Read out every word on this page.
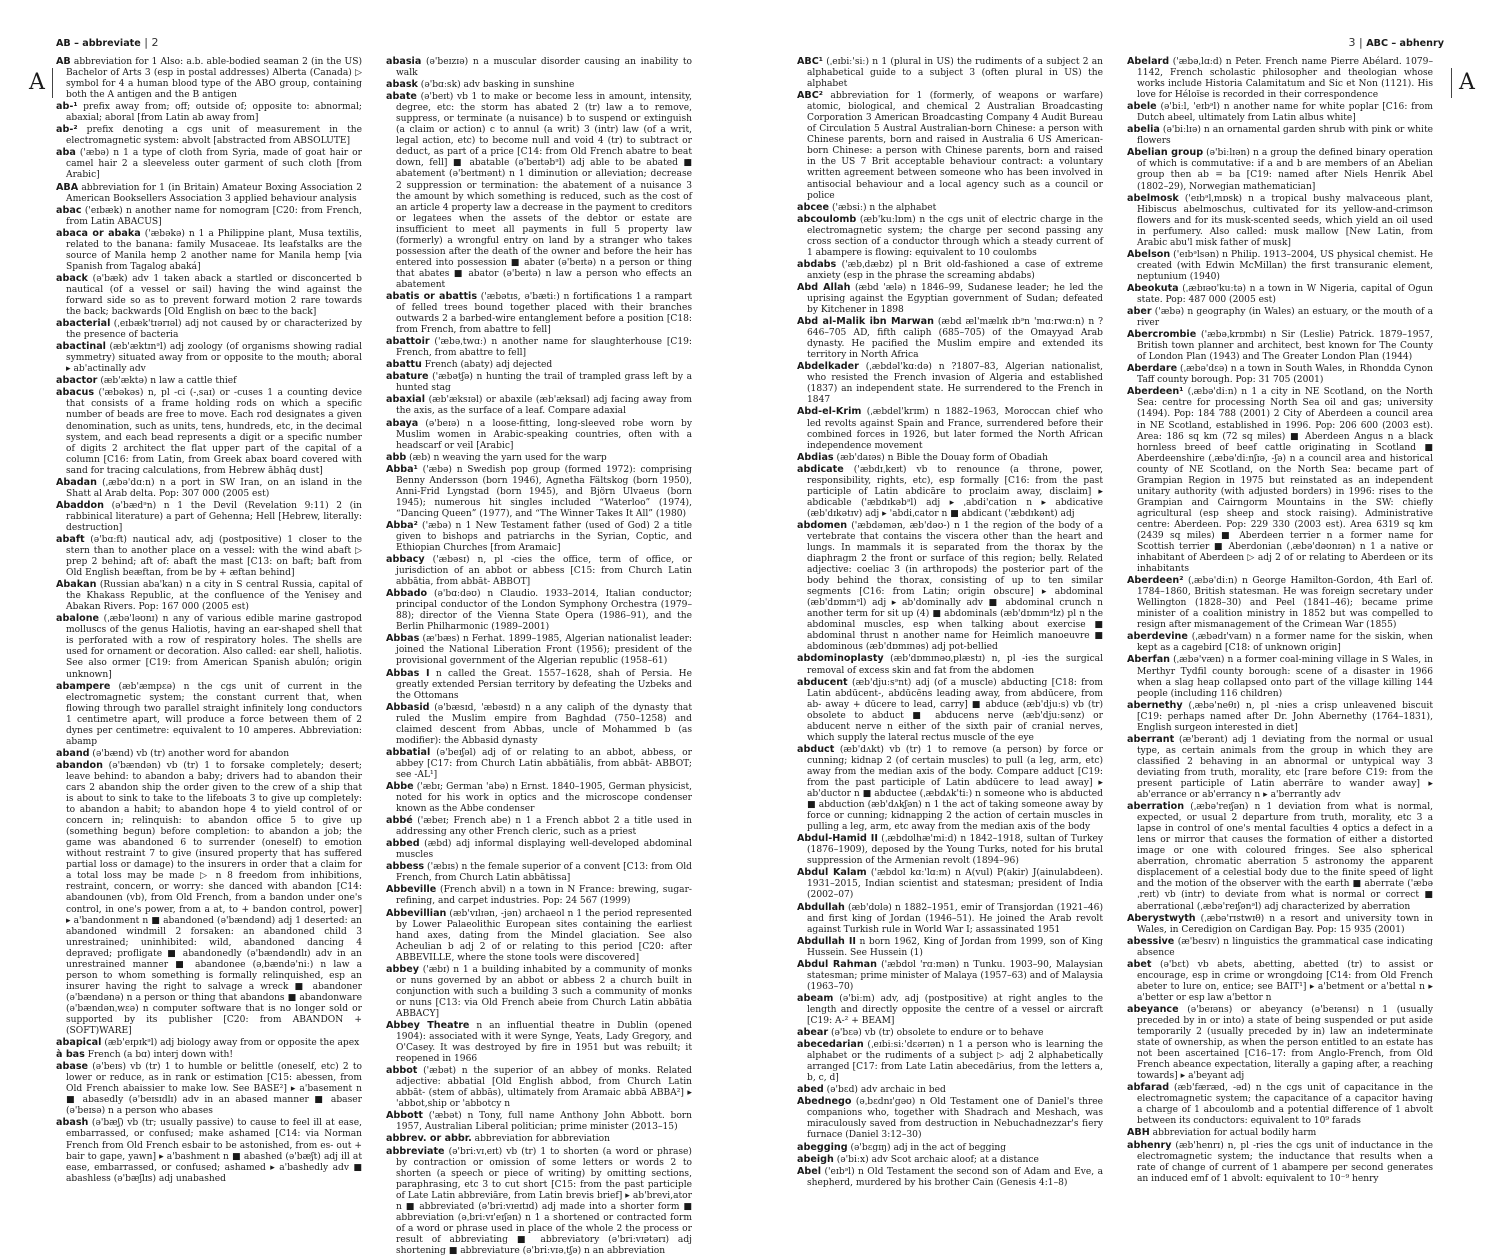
AB – abbreviate | 2
A

AB abbreviation for 1 Also: a.b. able-bodied seaman 2 (in the US) Bachelor of Arts 3 (esp in postal addresses) Alberta (Canada) ▷ symbol for 4 a human blood type of the ABO group, containing both the A antigen and the B antigen

ab-¹ prefix away from; off; outside of; opposite to: abnormal; abaxial; aboral [from Latin ab away from]

ab-² prefix denoting a cgs unit of measurement in the electromagnetic system: abvolt [abstracted from ABSOLUTE]

aba ('æbə) n 1 a type of cloth from Syria, made of goat hair or camel hair 2 a sleeveless outer garment of such cloth [from Arabic]

ABA abbreviation for 1 (in Britain) Amateur Boxing Association 2 American Booksellers Association 3 applied behaviour analysis

abac ('eɪbæk) n another name for nomogram [C20: from French, from Latin ABACUS]

abaca or abaka ('æbəkə) n 1 a Philippine plant, Musa textilis, related to the banana: family Musaceae. Its leafstalks are the source of Manila hemp 2 another name for Manila hemp [via Spanish from Tagalog abaká]

aback (ə'bæk) adv 1 taken aback a startled or disconcerted b nautical (of a vessel or sail) having the wind against the forward side so as to prevent forward motion 2 rare towards the back; backwards [Old English on bæc to the back]

abacterial (ˌeɪbæk'tɪərɪəl) adj not caused by or characterized by the presence of bacteria

abactinal (æb'æktɪnᵊl) adj zoology (of organisms showing radial symmetry) situated away from or opposite to the mouth; aboral ▸ ab'actinally adv

abactor (æb'æktə) n law a cattle thief

abacus ('æbəkəs) n, pl -ci (-ˌsaɪ) or -cuses 1 a counting device that consists of a frame holding rods on which a specific number of beads are free to move. Each rod designates a given denomination, such as units, tens, hundreds, etc, in the decimal system, and each bead represents a digit or a specific number of digits 2 architect the flat upper part of the capital of a column [C16: from Latin, from Greek abax board covered with sand for tracing calculations, from Hebrew ābhāq dust]

Abadan (ˌæbə'dɑːn) n a port in SW Iran, on an island in the Shatt al Arab delta. Pop: 307 000 (2005 est)

Abaddon (ə'bædᵊn) n 1 the Devil (Revelation 9:11) 2 (in rabbinical literature) a part of Gehenna; Hell [Hebrew, literally: destruction]

abaft (ə'bɑːft) nautical adv, adj (postpositive) 1 closer to the stern than to another place on a vessel: with the wind abaft ▷ prep 2 behind; aft of: abaft the mast [C13: on baft; baft from Old English beæftan, from be by + æftan behind]

Abakan (Russian aba'kan) n a city in S central Russia, capital of the Khakass Republic, at the confluence of the Yenisey and Abakan Rivers. Pop: 167 000 (2005 est)

abalone (ˌæbə'ləʊnɪ) n any of various edible marine gastropod molluscs of the genus Haliotis, having an ear-shaped shell that is perforated with a row of respiratory holes. The shells are used for ornament or decoration. Also called: ear shell, haliotis. See also ormer [C19: from American Spanish abulón; origin unknown]

abampere (æb'æmpɛə) n the cgs unit of current in the electromagnetic system; the constant current that, when flowing through two parallel straight infinitely long conductors 1 centimetre apart, will produce a force between them of 2 dynes per centimetre: equivalent to 10 amperes. Abbreviation: abamp

aband (ə'bænd) vb (tr) another word for abandon

abandon (ə'bændən) vb (tr) 1 to forsake completely; desert; leave behind: to abandon a baby; drivers had to abandon their cars 2 abandon ship the order given to the crew of a ship that is about to sink to take to the lifeboats 3 to give up completely: to abandon a habit; to abandon hope 4 to yield control of or concern in; relinquish: to abandon office 5 to give up (something begun) before completion: to abandon a job; the game was abandoned 6 to surrender (oneself) to emotion without restraint 7 to give (insured property that has suffered partial loss or damage) to the insurers in order that a claim for a total loss may be made ▷ n 8 freedom from inhibitions, restraint, concern, or worry: she danced with abandon [C14: abandounen (vb), from Old French, from a bandon under one's control, in one's power, from a at, to + bandon control, power] ▸ a'bandonment n ■ abandoned (ə'bændənd) adj 1 deserted: an abandoned windmill 2 forsaken: an abandoned child 3 unrestrained; uninhibited: wild, abandoned dancing 4 depraved; profligate ■ abandonedly (ə'bændəndlɪ) adv in an unrestrained manner ■ abandonee (əˌbændə'niː) n law a person to whom something is formally relinquished, esp an insurer having the right to salvage a wreck ■ abandoner (ə'bændənə) n a person or thing that abandons ■ abandonware (ə'bændənˌwɛə) n computer software that is no longer sold or supported by its publisher [C20: from ABANDON + (SOFT)WARE]

abapical (æb'eɪpɪkᵊl) adj biology away from or opposite the apex

à bas French (a bɑ) interj down with!

abase (ə'beɪs) vb (tr) 1 to humble or belittle (oneself, etc) 2 to lower or reduce, as in rank or estimation [C15: abessen, from Old French abaissier to make low. See BASE²] ▸ a'basement n ■ abasedly (ə'beɪsɪdlɪ) adv in an abased manner ■ abaser (ə'beɪsə) n a person who abases

abash (ə'bæʃ) vb (tr; usually passive) to cause to feel ill at ease, embarrassed, or confused; make ashamed [C14: via Norman French from Old French esbair to be astonished, from es- out + bair to gape, yawn] ▸ a'bashment n ■ abashed (ə'bæʃt) adj ill at ease, embarrassed, or confused; ashamed ▸ a'bashedly adv ■ abashless (ə'bæʃlɪs) adj unabashed

abasia (ə'beɪzɪə) n a muscular disorder causing an inability to walk

abask (ə'bɑːsk) adv basking in sunshine

abate (ə'beɪt) vb 1 to make or become less in amount, intensity, degree, etc: the storm has abated 2 (tr) law a to remove, suppress, or terminate (a nuisance) b to suspend or extinguish (a claim or action) c to annul (a writ) 3 (intr) law (of a writ, legal action, etc) to become null and void 4 (tr) to subtract or deduct, as part of a price [C14: from Old French abatre to beat down, fell] ■ abatable (ə'beɪtəbᵊl) adj able to be abated ■ abatement (ə'beɪtmənt) n 1 diminution or alleviation; decrease 2 suppression or termination: the abatement of a nuisance 3 the amount by which something is reduced, such as the cost of an article 4 property law a decrease in the payment to creditors or legatees when the assets of the debtor or estate are insufficient to meet all payments in full 5 property law (formerly) a wrongful entry on land by a stranger who takes possession after the death of the owner and before the heir has entered into possession ■ abater (ə'beɪtə) n a person or thing that abates ■ abator (ə'beɪtə) n law a person who effects an abatement

abatis or abattis ('æbətɪs, ə'bætiː) n fortifications 1 a rampart of felled trees bound together placed with their branches outwards 2 a barbed-wire entanglement before a position [C18: from French, from abattre to fell]

abattoir ('æbəˌtwɑː) n another name for slaughterhouse [C19: French, from abattre to fell]

abattu French (abaty) adj dejected

abature ('æbətʃə) n hunting the trail of trampled grass left by a hunted stag

abaxial (æb'æksɪəl) or abaxile (æb'æksaɪl) adj facing away from the axis, as the surface of a leaf. Compare adaxial

abaya (ə'beɪə) n a loose-fitting, long-sleeved robe worn by Muslim women in Arabic-speaking countries, often with a headscarf or veil [Arabic]

abb (æb) n weaving the yarn used for the warp

Abba¹ ('æbə) n Swedish pop group (formed 1972): comprising Benny Andersson (born 1946), Agnetha Fältskog (born 1950), Anni-Frid Lyngstad (born 1945), and Björn Ulvaeus (born 1945); numerous hit singles included “Waterloo” (1974), “Dancing Queen” (1977), and “The Winner Takes It All” (1980)

Abba² ('æbə) n 1 New Testament father (used of God) 2 a title given to bishops and patriarchs in the Syrian, Coptic, and Ethiopian Churches [from Aramaic]

abbacy ('æbəsɪ) n, pl -cies the office, term of office, or jurisdiction of an abbot or abbess [C15: from Church Latin abbātia, from abbāt- ABBOT]

Abbado (ə'bɑːdəʊ) n Claudio. 1933–2014, Italian conductor; principal conductor of the London Symphony Orchestra (1979–88); director of the Vienna State Opera (1986–91), and the Berlin Philharmonic (1989–2001)

Abbas (æ'bæs) n Ferhat. 1899–1985, Algerian nationalist leader: joined the National Liberation Front (1956); president of the provisional government of the Algerian republic (1958–61)

Abbas I n called the Great. 1557–1628, shah of Persia. He greatly extended Persian territory by defeating the Uzbeks and the Ottomans

Abbasid (ə'bæsɪd, 'æbəsɪd) n a any caliph of the dynasty that ruled the Muslim empire from Baghdad (750–1258) and claimed descent from Abbas, uncle of Mohammed b (as modifier): the Abbasid dynasty

abbatial (ə'beɪʃəl) adj of or relating to an abbot, abbess, or abbey [C17: from Church Latin abbātiālis, from abbāt- ABBOT; see -AL¹]

Abbe ('æbɪ; German 'abə) n Ernst. 1840–1905, German physicist, noted for his work in optics and the microscope condenser known as the Abbe condenser

abbé ('æbeɪ; French abe) n 1 a French abbot 2 a title used in addressing any other French cleric, such as a priest

abbed (æbd) adj informal displaying well-developed abdominal muscles

abbess ('æbɪs) n the female superior of a convent [C13: from Old French, from Church Latin abbātissa]

Abbeville (French abvil) n a town in N France: brewing, sugar-refining, and carpet industries. Pop: 24 567 (1999)

Abbevillian (æb'vɪlɪən, -jən) archaeol n 1 the period represented by Lower Palaeolithic European sites containing the earliest hand axes, dating from the Mindel glaciation. See also Acheulian b adj 2 of or relating to this period [C20: after ABBEVILLE, where the stone tools were discovered]

abbey ('æbɪ) n 1 a building inhabited by a community of monks or nuns governed by an abbot or abbess 2 a church built in conjunction with such a building 3 such a community of monks or nuns [C13: via Old French abeie from Church Latin abbātia ABBACY]

Abbey Theatre n an influential theatre in Dublin (opened 1904): associated with it were Synge, Yeats, Lady Gregory, and O'Casey. It was destroyed by fire in 1951 but was rebuilt; it reopened in 1966

abbot ('æbət) n the superior of an abbey of monks. Related adjective: abbatial [Old English abbod, from Church Latin abbāt- (stem of abbās), ultimately from Aramaic abbā ABBA²] ▸ 'abbot,ship or 'abbotcy n

Abbott ('æbət) n Tony, full name Anthony John Abbott. born 1957, Australian Liberal politician; prime minister (2013–15)

abbrev. or abbr. abbreviation for abbreviation

abbreviate (ə'briːvɪˌeɪt) vb (tr) 1 to shorten (a word or phrase) by contraction or omission of some letters or words 2 to shorten (a speech or piece of writing) by omitting sections, paraphrasing, etc 3 to cut short [C15: from the past participle of Late Latin abbreviāre, from Latin brevis brief] ▸ ab'brevi,ator n ■ abbreviated (ə'briːvɪeɪtɪd) adj made into a shorter form ■ abbreviation (əˌbriːvɪ'eɪʃən) n 1 a shortened or contracted form of a word or phrase used in place of the whole 2 the process or result of abbreviating ■ abbreviatory (ə'briːvɪətərɪ) adj shortening ■ abbreviature (ə'briːvɪəˌtʃə) n an abbreviation

3 | ABC – abhenry
A

ABC¹ (ˌeɪbiː'siː) n 1 (plural in US) the rudiments of a subject 2 an alphabetical guide to a subject 3 (often plural in US) the alphabet

ABC² abbreviation for 1 (formerly, of weapons or warfare) atomic, biological, and chemical 2 Australian Broadcasting Corporation 3 American Broadcasting Company 4 Audit Bureau of Circulation 5 Austral Australian-born Chinese: a person with Chinese parents, born and raised in Australia 6 US American-born Chinese: a person with Chinese parents, born and raised in the US 7 Brit acceptable behaviour contract: a voluntary written agreement between someone who has been involved in antisocial behaviour and a local agency such as a council or police

abcee ('æbsiː) n the alphabet

abcoulomb (æb'kuːlɒm) n the cgs unit of electric charge in the electromagnetic system; the charge per second passing any cross section of a conductor through which a steady current of 1 abampere is flowing: equivalent to 10 coulombs

abdabs ('æbˌdæbz) pl n Brit old-fashioned a case of extreme anxiety (esp in the phrase the screaming abdabs)

Abd Allah (æbd 'ælə) n 1846–99, Sudanese leader; he led the uprising against the Egyptian government of Sudan; defeated by Kitchener in 1898

Abd al-Malik ibn Marwan (æbd æl'mælɪk ɪbᵊn 'mɑːrwɑːn) n ?646–705 AD, fifth caliph (685–705) of the Omayyad Arab dynasty. He pacified the Muslim empire and extended its territory in North Africa

Abdelkader (ˌæbdəl'kɑːdə) n ?1807–83, Algerian nationalist, who resisted the French invasion of Algeria and established (1837) an independent state. He surrendered to the French in 1847

Abd-el-Krim (ˌæbdel'krɪm) n 1882–1963, Moroccan chief who led revolts against Spain and France, surrendered before their combined forces in 1926, but later formed the North African independence movement

Abdias (æb'daɪəs) n Bible the Douay form of Obadiah

abdicate ('æbdɪˌkeɪt) vb to renounce (a throne, power, responsibility, rights, etc), esp formally [C16: from the past participle of Latin abdicāre to proclaim away, disclaim] ▸ abdicable ('æbdɪkəbᵊl) adj ▸ ˌabdi'cation n ▸ abdicative (æb'dɪkətɪv) adj ▸ 'abdiˌcator n ■ abdicant ('æbdɪkənt) adj

abdomen ('æbdəmən, æb'dəʊ-) n 1 the region of the body of a vertebrate that contains the viscera other than the heart and lungs. In mammals it is separated from the thorax by the diaphragm 2 the front or surface of this region; belly. Related adjective: coeliac 3 (in arthropods) the posterior part of the body behind the thorax, consisting of up to ten similar segments [C16: from Latin; origin obscure] ▸ abdominal (æb'dɒmɪnᵊl) adj ▸ ab'dominally adv ■ abdominal crunch n another term for sit up (4) ■ abdominals (æb'dɒmɪnᵊlz) pl n the abdominal muscles, esp when talking about exercise ■ abdominal thrust n another name for Heimlich manoeuvre ■ abdominous (æb'dɒmɪnəs) adj pot-bellied

abdominoplasty (æb'dɒmɪnəʊˌplæstɪ) n, pl -ies the surgical removal of excess skin and fat from the abdomen

abducent (æb'djuːsᵊnt) adj (of a muscle) abducting [C18: from Latin abdūcent-, abdūcēns leading away, from abdūcere, from ab- away + dūcere to lead, carry] ■ abduce (æb'djuːs) vb (tr) obsolete to abduct ■ abducens nerve (æb'djuːsənz) or abducent nerve n either of the sixth pair of cranial nerves, which supply the lateral rectus muscle of the eye

abduct (æb'dʌkt) vb (tr) 1 to remove (a person) by force or cunning; kidnap 2 (of certain muscles) to pull (a leg, arm, etc) away from the median axis of the body. Compare adduct [C19: from the past participle of Latin abdūcere to lead away] ▸ ab'ductor n ■ abductee (ˌæbdʌk'tiː) n someone who is abducted ■ abduction (æb'dʌkʃən) n 1 the act of taking someone away by force or cunning; kidnapping 2 the action of certain muscles in pulling a leg, arm, etc away from the median axis of the body

Abdul-Hamid II (ˌæbdʊlhæ'miːd) n 1842–1918, sultan of Turkey (1876–1909), deposed by the Young Turks, noted for his brutal suppression of the Armenian revolt (1894–96)

Abdul Kalam ('æbdʊl kɑː'lɑːm) n A(vul) P(akir) J(ainulabdeen). 1931–2015, Indian scientist and statesman; president of India (2002–07)

Abdullah (æb'dʊlə) n 1882–1951, emir of Transjordan (1921–46) and first king of Jordan (1946–51). He joined the Arab revolt against Turkish rule in World War I; assassinated 1951

Abdullah II n born 1962, King of Jordan from 1999, son of King Hussein. See Hussein (1)

Abdul Rahman ('æbdʊl 'rɑːmən) n Tunku. 1903–90, Malaysian statesman; prime minister of Malaya (1957–63) and of Malaysia (1963–70)

abeam (ə'biːm) adv, adj (postpositive) at right angles to the length and directly opposite the centre of a vessel or aircraft [C19: A-² + BEAM]

abear (ə'bɛə) vb (tr) obsolete to endure or to behave

abecedarian (ˌeɪbiːsiː'dɛərɪən) n 1 a person who is learning the alphabet or the rudiments of a subject ▷ adj 2 alphabetically arranged [C17: from Late Latin abecedārius, from the letters a, b, c, d]

abed (ə'bɛd) adv archaic in bed

Abednego (əˌbɛdnɪ'gəʊ) n Old Testament one of Daniel's three companions who, together with Shadrach and Meshach, was miraculously saved from destruction in Nebuchadnezzar's fiery furnace (Daniel 3:12–30)

abegging (ə'bɛgɪŋ) adj in the act of begging

abeigh (ə'biːx) adv Scot archaic aloof; at a distance

Abel ('eɪbᵊl) n Old Testament the second son of Adam and Eve, a shepherd, murdered by his brother Cain (Genesis 4:1–8)

Abelard ('æbəˌlɑːd) n Peter. French name Pierre Abélard. 1079–1142, French scholastic philosopher and theologian whose works include Historia Calamitatum and Sic et Non (1121). His love for Héloïse is recorded in their correspondence

abele (ə'biːl, 'eɪbᵊl) n another name for white poplar [C16: from Dutch abeel, ultimately from Latin albus white]

abelia (ə'biːlɪə) n an ornamental garden shrub with pink or white flowers

Abelian group (ə'biːlɪən) n a group the defined binary operation of which is commutative: if a and b are members of an Abelian group then ab = ba [C19: named after Niels Henrik Abel (1802–29), Norwegian mathematician]

abelmosk ('eɪbᵊlˌmɒsk) n a tropical bushy malvaceous plant, Hibiscus abelmoschus, cultivated for its yellow-and-crimson flowers and for its musk-scented seeds, which yield an oil used in perfumery. Also called: musk mallow [New Latin, from Arabic abu'l misk father of musk]

Abelson ('eɪbᵊlsən) n Philip. 1913–2004, US physical chemist. He created (with Edwin McMillan) the first transuranic element, neptunium (1940)

Abeokuta (ˌæbɪəʊ'kuːtə) n a town in W Nigeria, capital of Ogun state. Pop: 487 000 (2005 est)

aber ('æbə) n geography (in Wales) an estuary, or the mouth of a river

Abercrombie ('æbəˌkrɒmbɪ) n Sir (Leslie) Patrick. 1879–1957, British town planner and architect, best known for The County of London Plan (1943) and The Greater London Plan (1944)

Aberdare (ˌæbə'dɛə) n a town in South Wales, in Rhondda Cynon Taff county borough. Pop: 31 705 (2001)

Aberdeen¹ (ˌæbə'diːn) n 1 a city in NE Scotland, on the North Sea: centre for processing North Sea oil and gas; university (1494). Pop: 184 788 (2001) 2 City of Aberdeen a council area in NE Scotland, established in 1996. Pop: 206 600 (2003 est). Area: 186 sq km (72 sq miles) ■ Aberdeen Angus n a black hornless breed of beef cattle originating in Scotland ■ Aberdeenshire (ˌæbə'diːnʃɪə, -ʃə) n a council area and historical county of NE Scotland, on the North Sea: became part of Grampian Region in 1975 but reinstated as an independent unitary authority (with adjusted borders) in 1996: rises to the Grampian and Cairngorm Mountains in the SW: chiefly agricultural (esp sheep and stock raising). Administrative centre: Aberdeen. Pop: 229 330 (2003 est). Area 6319 sq km (2439 sq miles) ■ Aberdeen terrier n a former name for Scottish terrier ■ Aberdonian (ˌæbə'dəʊnɪən) n 1 a native or inhabitant of Aberdeen ▷ adj 2 of or relating to Aberdeen or its inhabitants

Aberdeen² (ˌæbə'diːn) n George Hamilton-Gordon, 4th Earl of. 1784–1860, British statesman. He was foreign secretary under Wellington (1828–30) and Peel (1841–46); became prime minister of a coalition ministry in 1852 but was compelled to resign after mismanagement of the Crimean War (1855)

aberdevine (ˌæbədɪ'vaɪn) n a former name for the siskin, when kept as a cagebird [C18: of unknown origin]

Aberfan (ˌæbə'væn) n a former coal-mining village in S Wales, in Merthyr Tydfil county borough: scene of a disaster in 1966 when a slag heap collapsed onto part of the village killing 144 people (including 116 children)

abernethy (ˌæbə'neθɪ) n, pl -nies a crisp unleavened biscuit [C19: perhaps named after Dr. John Abernethy (1764–1831), English surgeon interested in diet]

aberrant (æ'berənt) adj 1 deviating from the normal or usual type, as certain animals from the group in which they are classified 2 behaving in an abnormal or untypical way 3 deviating from truth, morality, etc [rare before C19: from the present participle of Latin aberrāre to wander away] ▸ ab'errance or ab'errancy n ▸ a'berrantly adv

aberration (ˌæbə'reɪʃən) n 1 deviation from what is normal, expected, or usual 2 departure from truth, morality, etc 3 a lapse in control of one's mental faculties 4 optics a defect in a lens or mirror that causes the formation of either a distorted image or one with coloured fringes. See also spherical aberration, chromatic aberration 5 astronomy the apparent displacement of a celestial body due to the finite speed of light and the motion of the observer with the earth ■ aberrate ('æbəˌreɪt) vb (intr) to deviate from what is normal or correct ■ aberrational (ˌæbə'reɪʃənᵊl) adj characterized by aberration

Aberystwyth (ˌæbə'rɪstwɪθ) n a resort and university town in Wales, in Ceredigion on Cardigan Bay. Pop: 15 935 (2001)

abessive (æ'besɪv) n linguistics the grammatical case indicating absence

abet (ə'bɛt) vb abets, abetting, abetted (tr) to assist or encourage, esp in crime or wrongdoing [C14: from Old French abeter to lure on, entice; see BAIT¹] ▸ a'betment or a'bettal n ▸ a'better or esp law a'bettor n

abeyance (ə'beɪəns) or abeyancy (ə'beɪənsɪ) n 1 (usually preceded by in or into) a state of being suspended or put aside temporarily 2 (usually preceded by in) law an indeterminate state of ownership, as when the person entitled to an estate has not been ascertained [C16–17: from Anglo-French, from Old French abeance expectation, literally a gaping after, a reaching towards] ▸ a'beyant adj

abfarad (æb'færæd, -əd) n the cgs unit of capacitance in the electromagnetic system; the capacitance of a capacitor having a charge of 1 abcoulomb and a potential difference of 1 abvolt between its conductors: equivalent to 10⁹ farads

ABH abbreviation for actual bodily harm

abhenry (æb'henrɪ) n, pl -ries the cgs unit of inductance in the electromagnetic system; the inductance that results when a rate of change of current of 1 abampere per second generates an induced emf of 1 abvolt: equivalent to 10⁻⁹ henry
